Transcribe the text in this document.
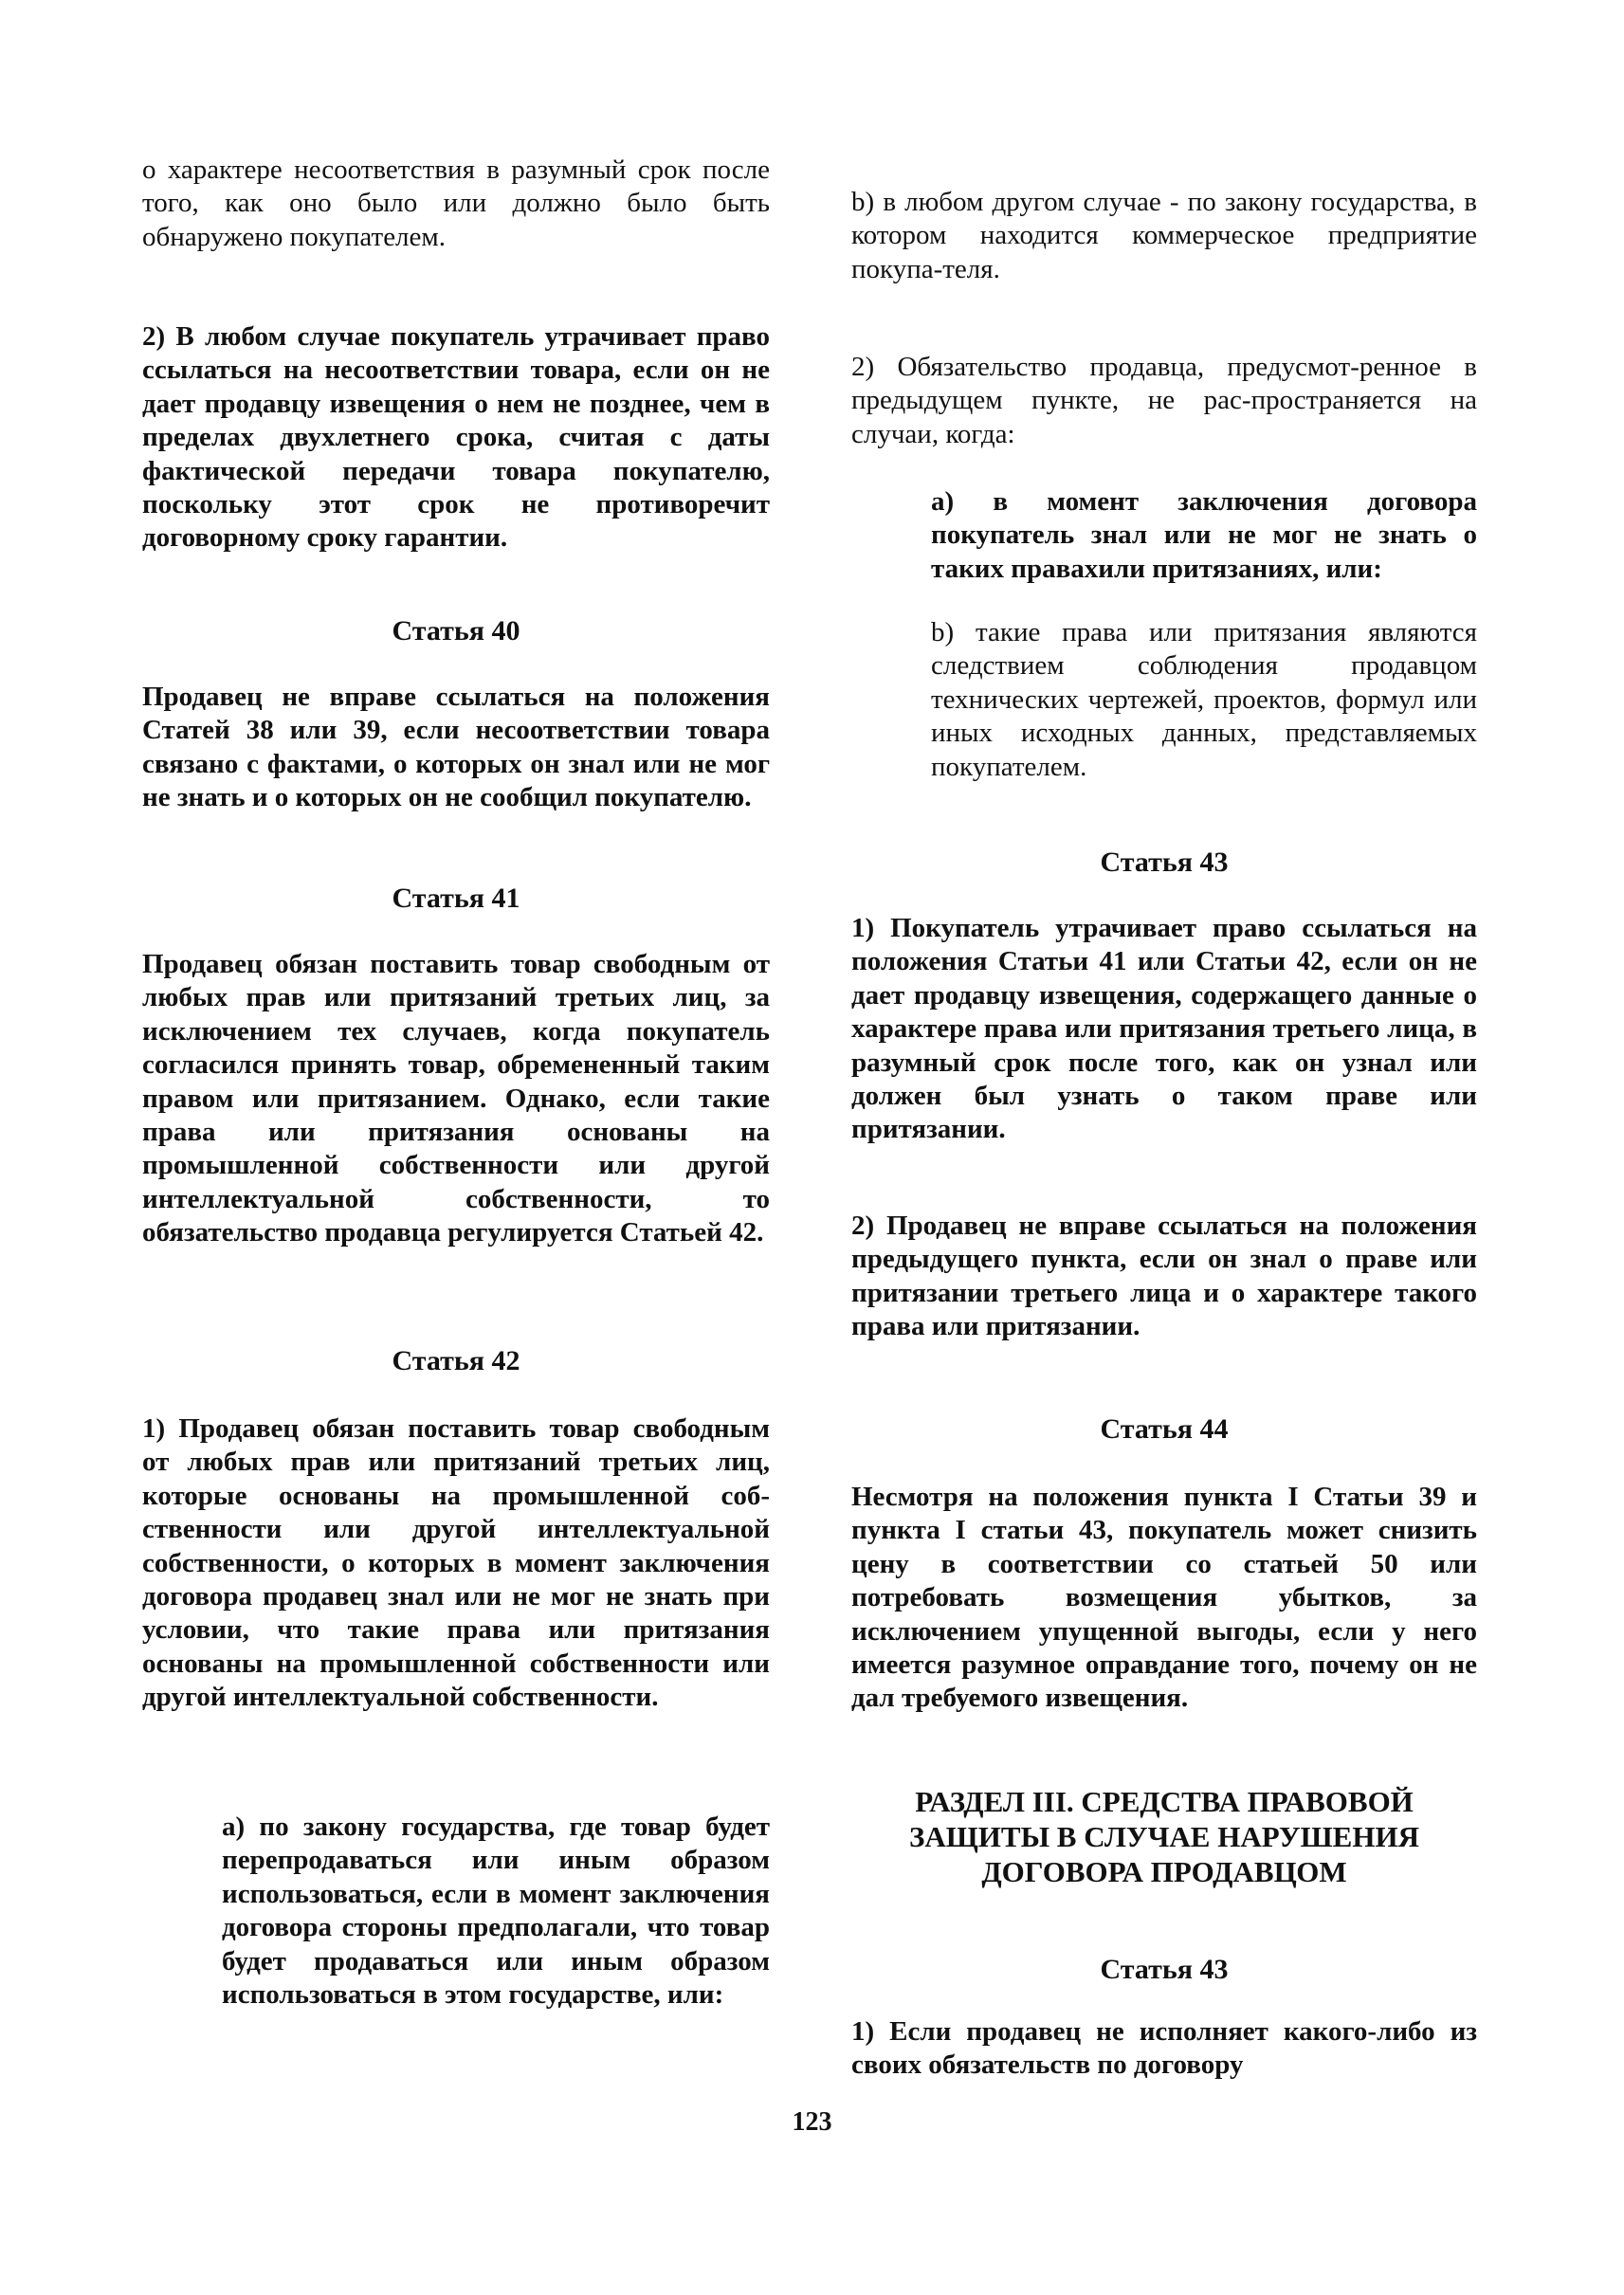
о характере несоответствия в разумный срок после того, как оно было или должно было быть обнаружено покупателем.

2) В любом случае покупатель утрачивает право ссылаться на несоответствии товара, если он не дает продавцу извещения о нем не позднее, чем в пределах двухлетнего срока, считая с даты фактической передачи товара покупателю, поскольку этот срок не противоречит договорному сроку гарантии.

Статья 40

Продавец не вправе ссылаться на положения Статей 38 или 39, если несоответствии товара связано с фактами, о которых он знал или не мог не знать и о которых он не сообщил покупателю.

Статья 41

Продавец обязан поставить товар свободным от любых прав или притязаний третьих лиц, за исключением тех случаев, когда покупатель согласился принять товар, обремененный таким правом или притязанием. Однако, если такие права или притязания основаны на промышленной собственности или другой интеллектуальной собственности, то обязательство продавца регулируется Статьей 42.

Статья 42

1) Продавец обязан поставить товар свободным от любых прав или притязаний третьих лиц, которые основаны на промышленной соб-ственности или другой интеллектуальной собственности, о которых в момент заключения договора продавец знал или не мог не знать при условии, что такие права или притязания основаны на промышленной собственности или другой интеллектуальной собственности.

а) по закону государства, где товар будет перепродаваться или иным образом использоваться, если в момент заключения договора стороны предполагали, что товар будет продаваться или иным образом использоваться в этом государстве, или:

b) в любом другом случае - по закону государства, в котором находится коммерческое предприятие покупа-теля.

2) Обязательство продавца, предусмот-ренное в предыдущем пункте, не рас-пространяется на случаи, когда:

а) в момент заключения договора покупатель знал или не мог не знать о таких правахили притязаниях, или:

b) такие права или притязания являются следствием соблюдения продавцом технических чертежей, проектов, формул или иных исходных данных, представляемых покупателем.

Статья 43

1) Покупатель утрачивает право ссылаться на положения Статьи 41 или Статьи 42, если он не дает продавцу извещения, содержащего данные о характере права или притязания третьего лица, в разумный срок после того, как он узнал или должен был узнать о таком праве или притязании.

2) Продавец не вправе ссылаться на положения предыдущего пункта, если он знал о праве или притязании третьего лица и о характере такого права или притязании.

Статья 44

Несмотря на положения пункта I Статьи 39 и пункта I статьи 43, покупатель может снизить цену в соответствии со статьей 50 или потребовать возмещения убытков, за исключением упущенной выгоды, если у него имеется разумное оправдание того, почему он не дал требуемого извещения.

РАЗДЕЛ III. СРЕДСТВА ПРАВОВОЙ ЗАЩИТЫ В СЛУЧАЕ НАРУШЕНИЯ ДОГОВОРА ПРОДАВЦОМ
Статья 43

1) Если продавец не исполняет какого-либо из своих обязательств по договору

123
